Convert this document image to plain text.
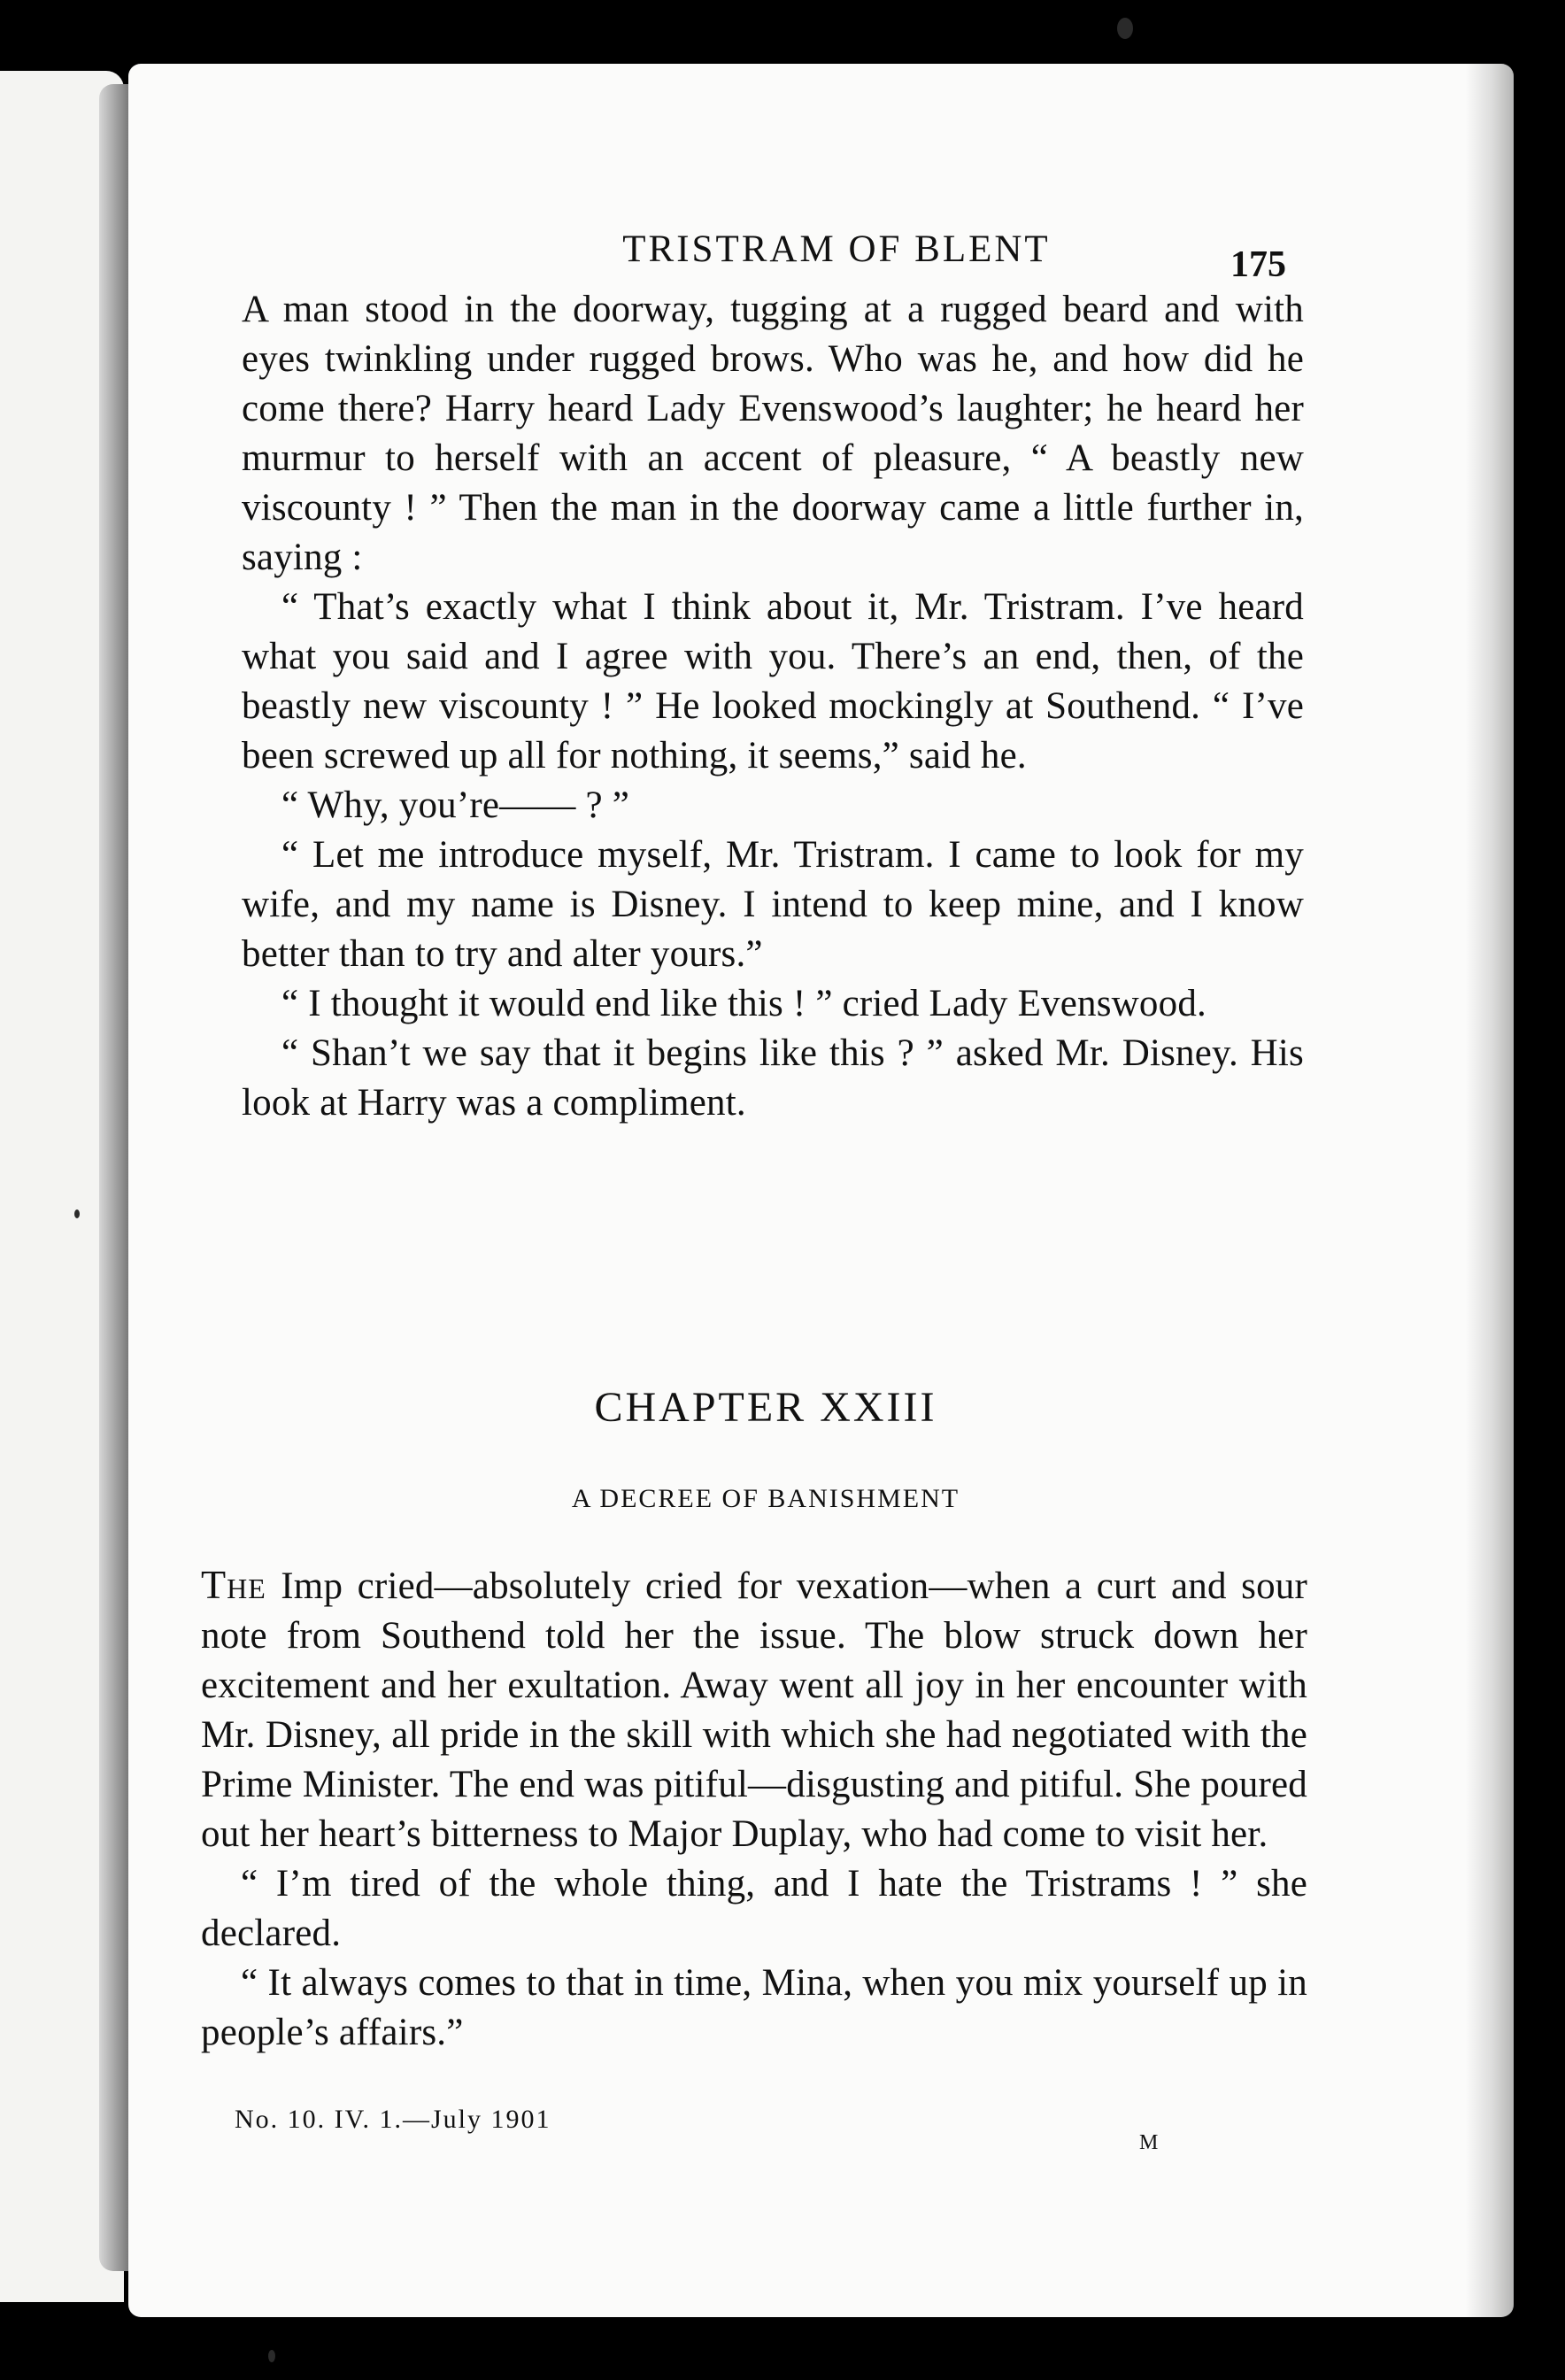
TRISTRAM OF BLENT	175

A man stood in the doorway, tugging at a rugged beard and with eyes twinkling under rugged brows. Who was he, and how did he come there? Harry heard Lady Evenswood’s laughter; he heard her murmur to herself with an accent of pleasure, “ A beastly new viscounty ! ” Then the man in the doorway came a little further in, saying :

“ That’s exactly what I think about it, Mr. Tristram. I’ve heard what you said and I agree with you. There’s an end, then, of the beastly new viscounty ! ” He looked mockingly at Southend. “ I’ve been screwed up all for nothing, it seems,” said he.

“ Why, you’re—— ? ”

“ Let me introduce myself, Mr. Tristram. I came to look for my wife, and my name is Disney. I intend to keep mine, and I know better than to try and alter yours.”

“ I thought it would end like this ! ” cried Lady Evenswood.

“ Shan’t we say that it begins like this ? ” asked Mr. Disney. His look at Harry was a compliment.

CHAPTER XXIII
A DECREE OF BANISHMENT

The Imp cried—absolutely cried for vexation—when a curt and sour note from Southend told her the issue. The blow struck down her excitement and her exultation. Away went all joy in her encounter with Mr. Disney, all pride in the skill with which she had negotiated with the Prime Minister. The end was pitiful—disgusting and pitiful. She poured out her heart’s bitterness to Major Duplay, who had come to visit her.

“ I’m tired of the whole thing, and I hate the Tristrams ! ” she declared.

“ It always comes to that in time, Mina, when you mix yourself up in people’s affairs.”

No. 10. IV. 1.—July 1901
M
